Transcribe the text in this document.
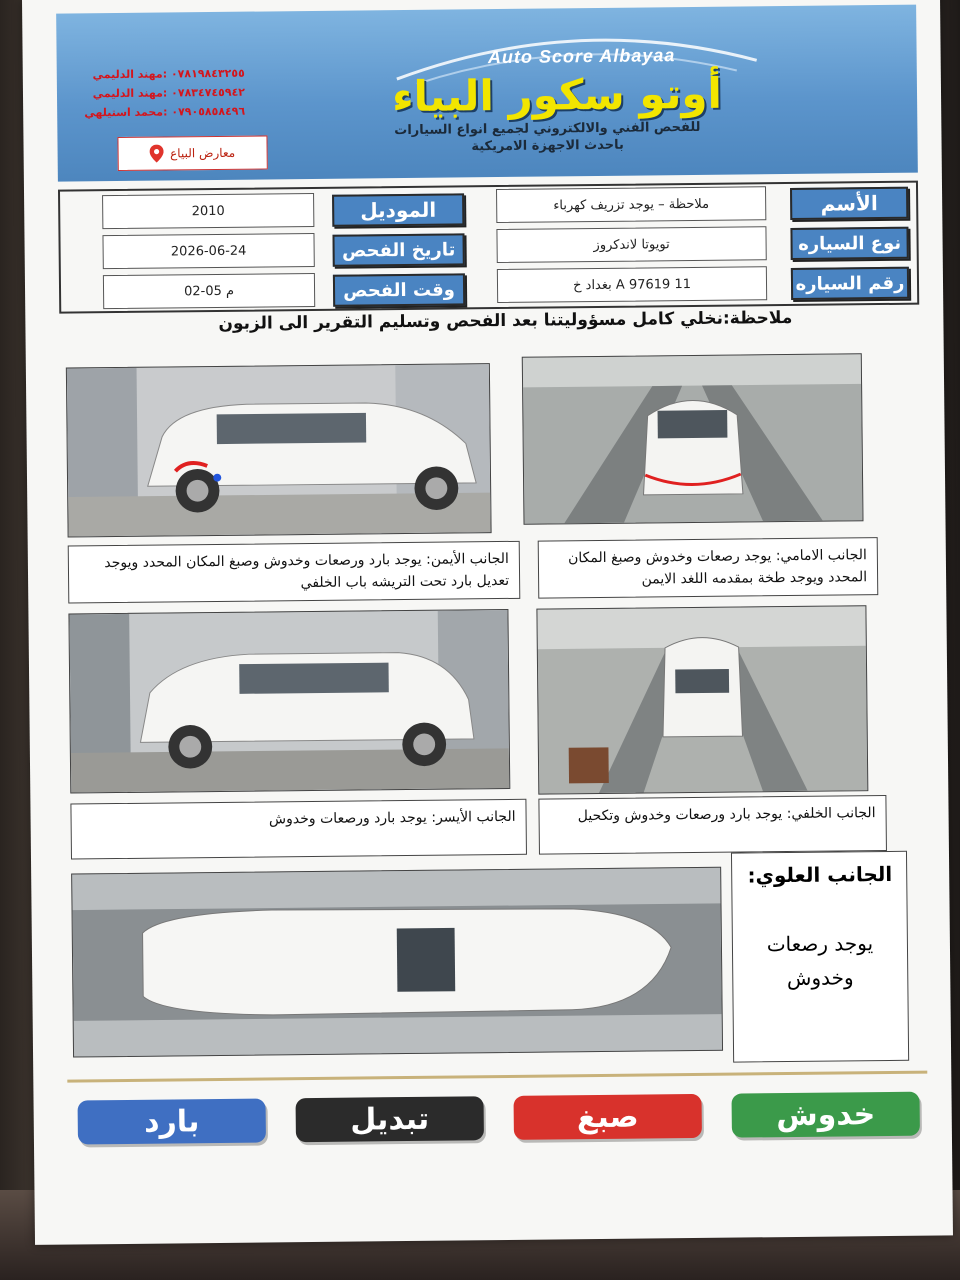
Auto Score Albayaa
أوتو سكور البياء
للفحص الفني والالكتروني لجميع انواع السيارات
باحدث الاجهزة الامريكية
٠٧٨١٩٨٤٣٢٥٥ :مهند الدليمي
٠٧٨٣٤٧٤٥٩٤٢ :مهند الدليمي
٠٧٩٠٥٨٥٨٤٩٦ :محمد استيلهي
معارض البياع
الأسم
نوع السياره
رقم السياره
ملاحظة – يوجد تزريف كهرباء
تويوتا لاندكروز
11 A 97619 بغداد خ
الموديل
تاريخ الفحص
وقت الفحص
2010
2026-06-24
م 05-02
ملاحظة:نخلي كامل مسؤوليتنا بعد الفحص وتسليم التقرير الى الزبون
الجانب الأيمن: يوجد بارد ورصعات وخدوش وصبغ المكان المحدد ويوجد تعديل بارد تحت التريشه باب الخلفي
الجانب الامامي: يوجد رصعات وخدوش وصبغ المكان المحدد ويوجد طخة بمقدمه اللغد الايمن
الجانب الأيسر: يوجد بارد ورصعات وخدوش	الجانب الخلفي: يوجد بارد ورصعات وخدوش وتكحيل
الجانب العلوي:
يوجد رصعات وخدوش
خدوش
صبغ
تبديل
بارد
